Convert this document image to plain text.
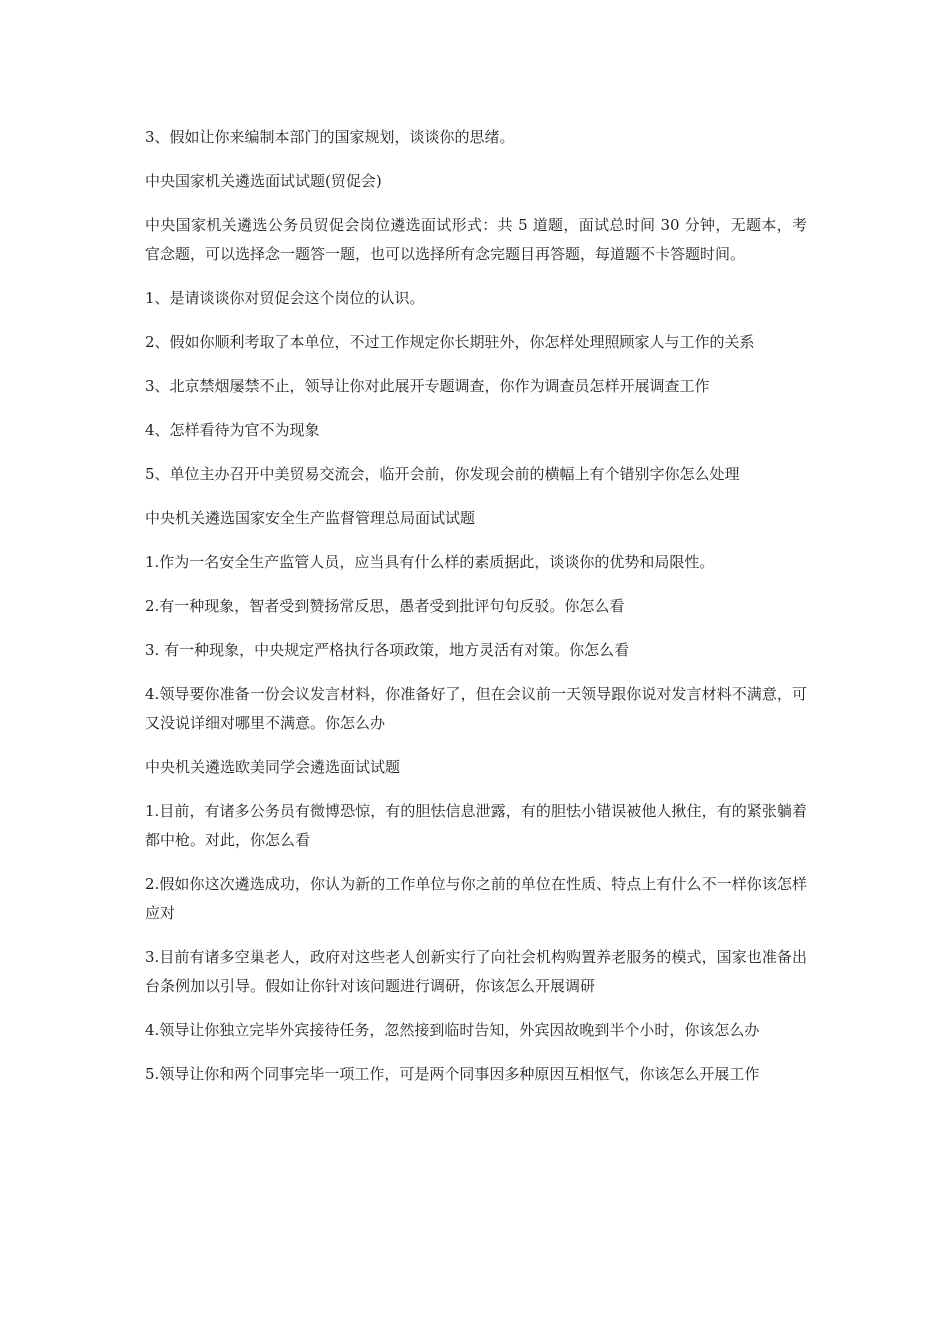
3、假如让你来编制本部门的国家规划，谈谈你的思绪。

中央国家机关遴选面试试题(贸促会)

中央国家机关遴选公务员贸促会岗位遴选面试形式：共 5 道题，面试总时间 30 分钟，无题本，考官念题，可以选择念一题答一题，也可以选择所有念完题目再答题，每道题不卡答题时间。

1、是请谈谈你对贸促会这个岗位的认识。

2、假如你顺利考取了本单位，不过工作规定你长期驻外，你怎样处理照顾家人与工作的关系

3、北京禁烟屡禁不止，领导让你对此展开专题调查，你作为调查员怎样开展调查工作

4、怎样看待为官不为现象

5、单位主办召开中美贸易交流会，临开会前，你发现会前的横幅上有个错别字你怎么处理

中央机关遴选国家安全生产监督管理总局面试试题

1.作为一名安全生产监管人员，应当具有什么样的素质据此，谈谈你的优势和局限性。

2.有一种现象，智者受到赞扬常反思，愚者受到批评句句反驳。你怎么看

3. 有一种现象，中央规定严格执行各项政策，地方灵活有对策。你怎么看

4.领导要你准备一份会议发言材料，你准备好了，但在会议前一天领导跟你说对发言材料不满意，可又没说详细对哪里不满意。你怎么办

中央机关遴选欧美同学会遴选面试试题

1.目前，有诸多公务员有微博恐惊，有的胆怯信息泄露，有的胆怯小错误被他人揪住，有的紧张躺着都中枪。对此，你怎么看

2.假如你这次遴选成功，你认为新的工作单位与你之前的单位在性质、特点上有什么不一样你该怎样应对

3.目前有诸多空巢老人，政府对这些老人创新实行了向社会机构购置养老服务的模式，国家也准备出台条例加以引导。假如让你针对该问题进行调研，你该怎么开展调研

4.领导让你独立完毕外宾接待任务，忽然接到临时告知，外宾因故晚到半个小时，你该怎么办

5.领导让你和两个同事完毕一项工作，可是两个同事因多种原因互相怄气，你该怎么开展工作
